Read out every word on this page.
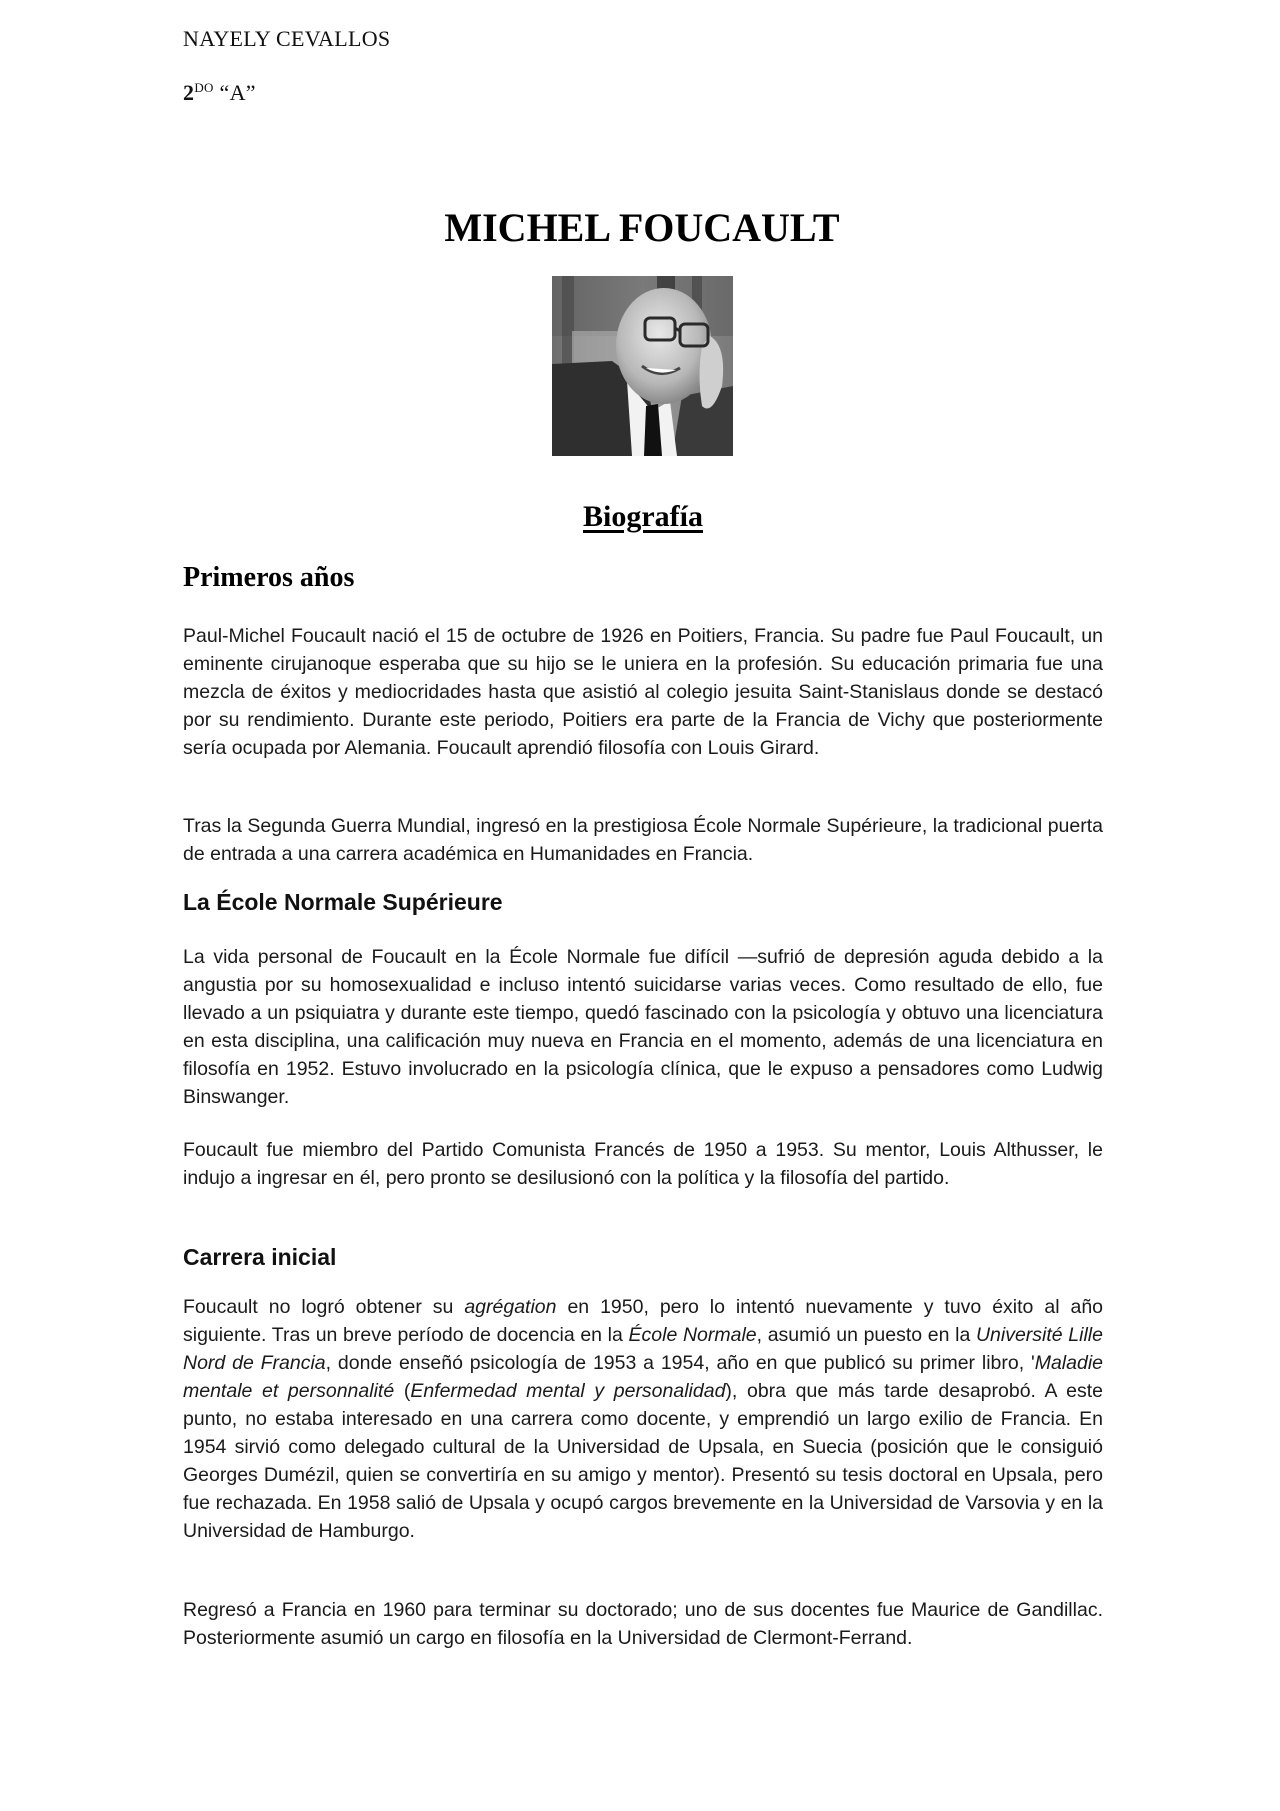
NAYELY CEVALLOS
$2^{DO}$ “A”
MICHEL FOUCAULT
Biografía
Primeros años
Paul-Michel Foucault nació el 15 de octubre de 1926 en Poitiers, Francia. Su padre fue Paul Foucault, un eminente cirujanoque esperaba que su hijo se le uniera en la profesión. Su educación primaria fue una mezcla de éxitos y mediocridades hasta que asistió al colegio jesuita Saint-Stanislaus donde se destacó por su rendimiento. Durante este periodo, Poitiers era parte de la Francia de Vichy que posteriormente sería ocupada por Alemania. Foucault aprendió filosofía con Louis Girard.
Tras la Segunda Guerra Mundial, ingresó en la prestigiosa École Normale Supérieure, la tradicional puerta de entrada a una carrera académica en Humanidades en Francia.
La École Normale Supérieure
La vida personal de Foucault en la École Normale fue difícil —sufrió de depresión aguda debido a la angustia por su homosexualidad e incluso intentó suicidarse varias veces. Como resultado de ello, fue llevado a un psiquiatra y durante este tiempo, quedó fascinado con la psicología y obtuvo una licenciatura en esta disciplina, una calificación muy nueva en Francia en el momento, además de una licenciatura en filosofía en 1952. Estuvo involucrado en la psicología clínica, que le expuso a pensadores como Ludwig Binswanger.
Foucault fue miembro del Partido Comunista Francés de 1950 a 1953. Su mentor, Louis Althusser, le indujo a ingresar en él, pero pronto se desilusionó con la política y la filosofía del partido.
Carrera inicial
Foucault no logró obtener su agrégation en 1950, pero lo intentó nuevamente y tuvo éxito al año siguiente. Tras un breve período de docencia en la École Normale, asumió un puesto en la Université Lille Nord de Francia, donde enseñó psicología de 1953 a 1954, año en que publicó su primer libro, 'Maladie mentale et personnalité (Enfermedad mental y personalidad), obra que más tarde desaprobó. A este punto, no estaba interesado en una carrera como docente, y emprendió un largo exilio de Francia. En 1954 sirvió como delegado cultural de la Universidad de Upsala, en Suecia (posición que le consiguió Georges Dumézil, quien se convertiría en su amigo y mentor). Presentó su tesis doctoral en Upsala, pero fue rechazada. En 1958 salió de Upsala y ocupó cargos brevemente en la Universidad de Varsovia y en la Universidad de Hamburgo.
Regresó a Francia en 1960 para terminar su doctorado; uno de sus docentes fue Maurice de Gandillac. Posteriormente asumió un cargo en filosofía en la Universidad de Clermont-Ferrand.
